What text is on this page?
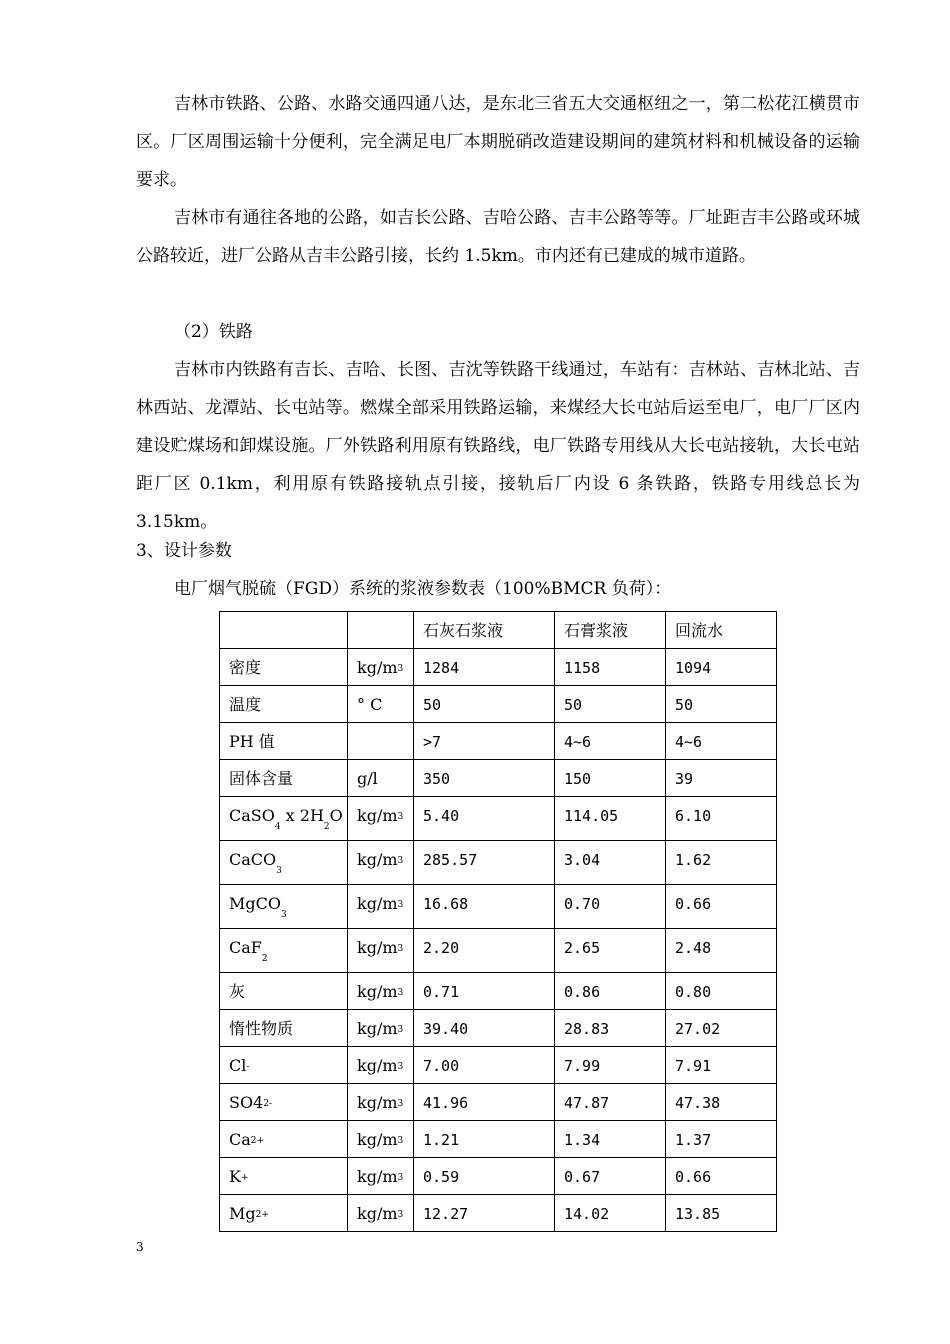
吉林市铁路、公路、水路交通四通八达，是东北三省五大交通枢纽之一，第二松花江横贯市区。厂区周围运输十分便利，完全满足电厂本期脱硝改造建设期间的建筑材料和机械设备的运输要求。

吉林市有通往各地的公路，如吉长公路、吉哈公路、吉丰公路等等。厂址距吉丰公路或环城公路较近，进厂公路从吉丰公路引接，长约 1.5km。市内还有已建成的城市道路。

（2）铁路

吉林市内铁路有吉长、吉哈、长图、吉沈等铁路干线通过，车站有：吉林站、吉林北站、吉林西站、龙潭站、长屯站等。燃煤全部采用铁路运输，来煤经大长屯站后运至电厂，电厂厂区内建设贮煤场和卸煤设施。厂外铁路利用原有铁路线，电厂铁路专用线从大长屯站接轨，大长屯站距厂区 0.1km，利用原有铁路接轨点引接，接轨后厂内设 6 条铁路，铁路专用线总长为 3.15km。

3、设计参数

电厂烟气脱硫（FGD）系统的浆液参数表（100%BMCR 负荷）：

		石灰石浆液	石膏浆液	回流水
密度	$kg/m^3$	1284	1158	1094
温度	° C	50	50	50
PH 值		>7	4~6	4~6
固体含量	g/l	350	150	39
CaSO$_4$ x $2H_2O$	$kg/m^3$	5.40	114.05	6.10
CaCO$_3$	$kg/m^3$	285.57	3.04	1.62
MgCO$_3$	$kg/m^3$	16.68	0.70	0.66
CaF$_2$	$kg/m^3$	2.20	2.65	2.48
灰	$kg/m^3$	0.71	0.86	0.80
惰性物质	$kg/m^3$	39.40	28.83	27.02
Cl-	$kg/m^3$	7.00	7.99	7.91
$SO4^{2-}$	$kg/m^3$	41.96	47.87	47.38
$Ca^{2+}$	$kg/m^3$	1.21	1.34	1.37
K+	$kg/m^3$	0.59	0.67	0.66
$Mg^{2+}$	$kg/m^3$	12.27	14.02	13.85
3
